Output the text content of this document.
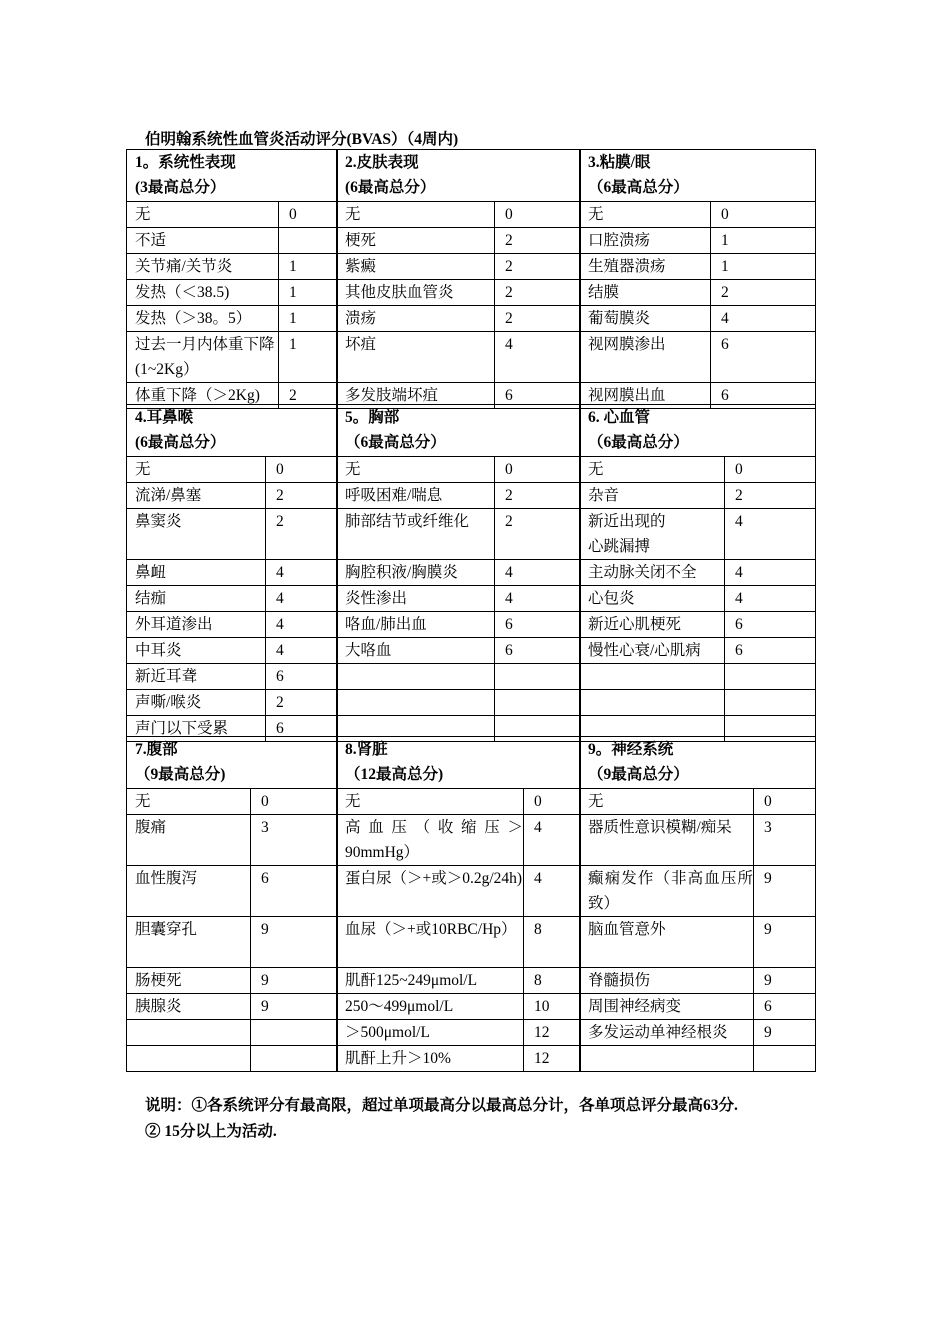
伯明翰系统性血管炎活动评分(BVAS）（4周内)
1。系统性表现
(3最高总分）	

无	0
不适	
关节痛/关节炎	1
发热（＜38.5)	1
发热（＞38。5）	1
过去一月内体重下降(1~2Kg）	1
体重下降（＞2Kg)	2
2.皮肤表现
(6最高总分）	

无	0
梗死	2
紫癜	2
其他皮肤血管炎	2
溃疡	2
坏疽	4
多发肢端坏疽	6
3.粘膜/眼
（6最高总分）	

无	0
口腔溃疡	1
生殖器溃疡	1
结膜	2
葡萄膜炎	4
视网膜渗出	6
视网膜出血	6
4.耳鼻喉
(6最高总分）	

无	0
流涕/鼻塞	2
鼻窦炎	2
鼻衄	4
结痂	4
外耳道渗出	4
中耳炎	4
新近耳聋	6
声嘶/喉炎	2
声门以下受累	6
5。胸部
（6最高总分）	

无	0
呼吸困难/喘息	2
肺部结节或纤维化	2
胸腔积液/胸膜炎	4
炎性渗出	4
咯血/肺出血	6
大咯血	6

6. 心血管
（6最高总分）	

无	0
杂音	2
新近出现的心跳漏搏	4
主动脉关闭不全	4
心包炎	4
新近心肌梗死	6
慢性心衰/心肌病	6

7.腹部
（9最高总分)	

无	0
腹痛	3
血性腹泻	6
胆囊穿孔	9
肠梗死	9
胰腺炎	9

8.肾脏
（12最高总分)	

无	0
高血压（收缩压＞90mmHg）	4
蛋白尿（＞+或＞0.2g/24h)	4
血尿（＞+或10RBC/Hp）	8
肌酐125~249μmol/L	8
250～499μmol/L	10
＞500μmol/L	12
肌酐上升＞10%	12
9。神经系统
（9最高总分）	

无	0
器质性意识模糊/痴呆	3
癫痫发作（非高血压所致）	9
脑血管意外	9
脊髓损伤	9
周围神经病变	6
多发运动单神经根炎	9

说明：①各系统评分有最高限，超过单项最高分以最高总分计，各单项总评分最高63分.
② 15分以上为活动.
